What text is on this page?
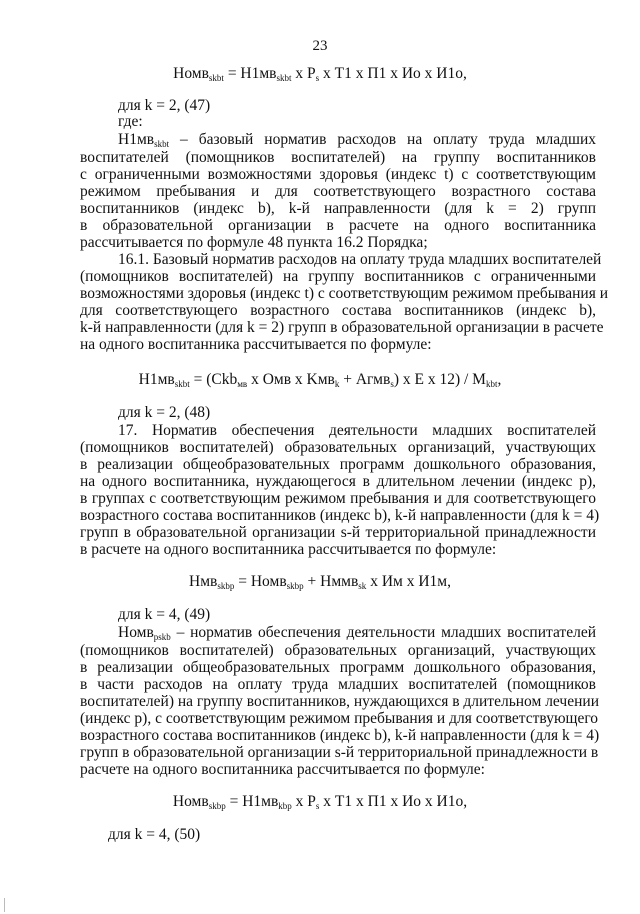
23
Номв$_{skbt}$ = $Н1мв_{skbt}$ х $Р_s$ х Т1 х П1 х Ио х И1о,
для k = 2, (47)
где:
$Н1мв_{skbt}$ – базовый норматив расходов на оплату труда младших
воспитателей (помощников воспитателей) на группу воспитанников
с ограниченными возможностями здоровья (индекс t) с соответствующим
режимом пребывания и для соответствующего возрастного состава
воспитанников (индекс b), k-й направленности (для k = 2) групп
в образовательной организации в расчете на одного воспитанника
рассчитывается по формуле 48 пункта 16.2 Порядка;
16.1. Базовый норматив расходов на оплату труда младших воспитателей
(помощников воспитателей) на группу воспитанников с ограниченными
возможностями здоровья (индекс t) с соответствующим режимом пребывания и
для соответствующего возрастного состава воспитанников (индекс b),
k-й направленности (для k = 2) групп в образовательной организации в расчете
на одного воспитанника рассчитывается по формуле:
$Н1мв_{skbt} = (Ckb_{мв}$ х Омв х Kмв$_k$ + Агмв$_s$) х Е х $12) / M_{kbt}$,
для k = 2, (48)
17. Норматив обеспечения деятельности младших воспитателей
(помощников воспитателей) образовательных организаций, участвующих
в реализации общеобразовательных программ дошкольного образования,
на одного воспитанника, нуждающегося в длительном лечении (индекс p),
в группах с соответствующим режимом пребывания и для соответствующего
возрастного состава воспитанников (индекс b), k-й направленности (для k = 4)
групп в образовательной организации s-й территориальной принадлежности
в расчете на одного воспитанника рассчитывается по формуле:
Нмв$_{skbp}$ = Номв$_{skbp}$ + Нммв$_{sk}$ х Им х И1м,
для k = 4, (49)
Номв$_{pskb}$ – норматив обеспечения деятельности младших воспитателей
(помощников воспитателей) образовательных организаций, участвующих
в реализации общеобразовательных программ дошкольного образования,
в части расходов на оплату труда младших воспитателей (помощников
воспитателей) на группу воспитанников, нуждающихся в длительном лечении
(индекс p), с соответствующим режимом пребывания и для соответствующего
возрастного состава воспитанников (индекс b), k-й направленности (для k = 4)
групп в образовательной организации s-й территориальной принадлежности в
расчете на одного воспитанника рассчитывается по формуле:
Номв$_{skbp}$ = $Н1мв_{kbp}$ х $Р_s$ х Т1 х П1 х Ио х И1о,
для k = 4, (50)
